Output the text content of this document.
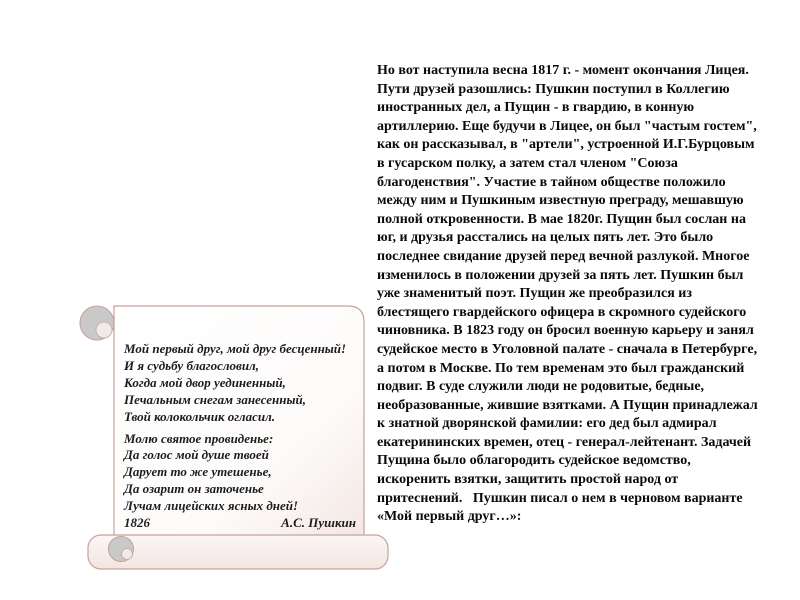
Но вот наступила весна 1817 г. - момент окончания Лицея. Пути друзей разошлись: Пушкин поступил в Коллегию иностранных дел, а Пущин - в гвардию, в конную артиллерию. Еще будучи в Лицее, он был "частым гостем", как он рассказывал, в "артели", устроенной И.Г.Бурцовым в гусарском полку, а затем стал членом "Союза благоденствия". Участие в тайном обществе положило между ним и Пушкиным известную преграду, мешавшую полной откровенности. В мае 1820г. Пущин был сослан на юг, и друзья расстались на целых пять лет. Это было последнее свидание друзей перед вечной разлукой. Многое изменилось в положении друзей за пять лет. Пушкин был уже знаменитый поэт. Пущин же преобразился из блестящего гвардейского офицера в скромного судейского чиновника. В 1823 году он бросил военную карьеру и занял судейское место в Уголовной палате - сначала в Петербурге, а потом в Москве. По тем временам это был гражданский подвиг. В суде служили люди не родовитые, бедные, необразованные, жившие взятками. А Пущин принадлежал к знатной дворянской фамилии: его дед был адмирал екатерининских времен, отец - генерал-лейтенант. Задачей Пущина было облагородить судейское ведомство, искоренить взятки, защитить простой народ от притеснений.   Пушкин писал о нем в черновом варианте «Мой первый друг…»:
Мой первый друг, мой друг бесценный!
И я судьбу благословил,
Когда мой двор уединенный,
Печальным снегам занесенный,
Твой колокольчик огласил.
Молю святое провиденье:
Да голос мой душе твоей
Дарует то же утешенье,
Да озарит он заточенье
Лучам лицейских ясных дней!
1826	А.С. Пушкин
